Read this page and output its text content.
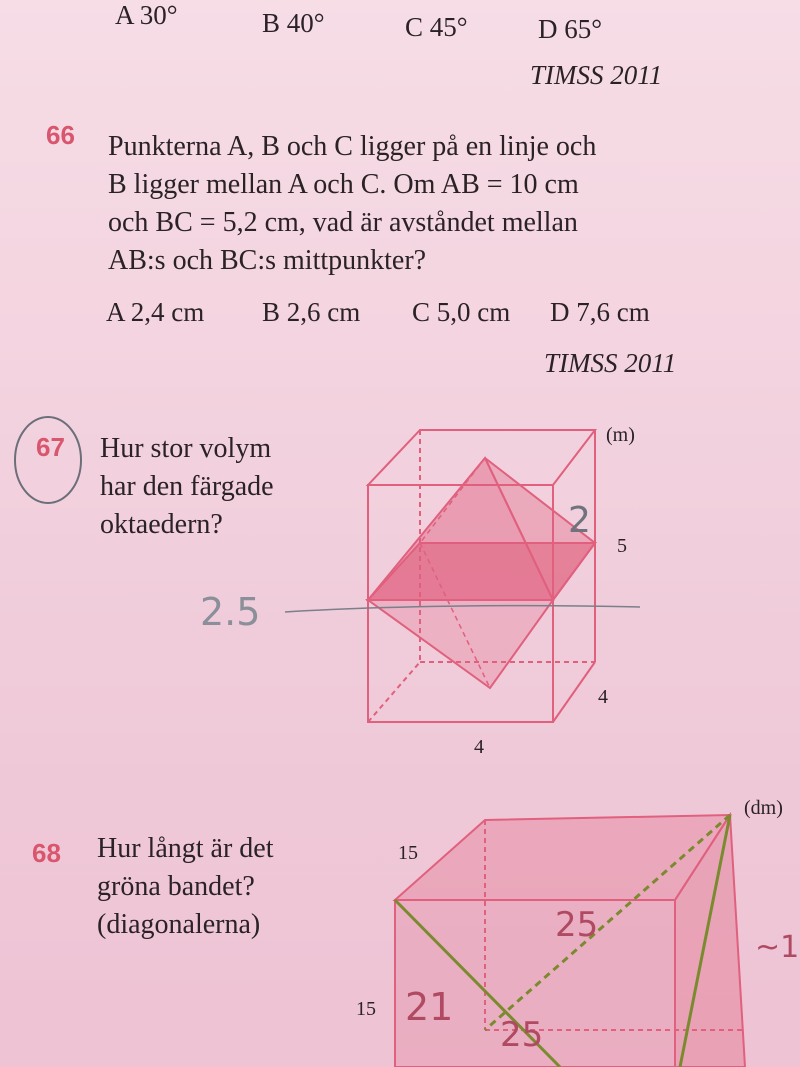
A 30°	B 40°	C 45°	D 65°
TIMSS 2011
66 Punkterna A, B och C ligger på en linje och
B ligger mellan A och C. Om AB = 10 cm
och BC = 5,2 cm, vad är avståndet mellan
AB:s och BC:s mittpunkter?
A 2,4 cm B 2,6 cm C 5,0 cm D 7,6 cm
TIMSS 2011
67 Hur stor volym
har den färgade
oktaedern?
(m)
5
4
4
2.5
2
68 Hur långt är det
gröna bandet?
(diagonalerna)
(dm)
15
15 21
25
25
~1
